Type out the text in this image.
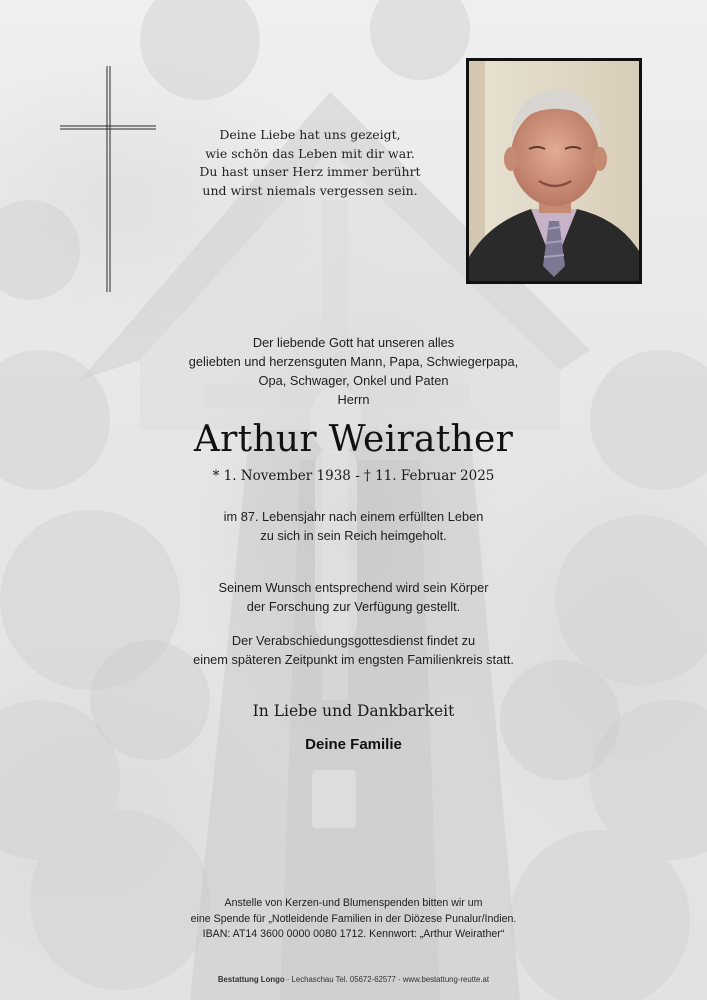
Deine Liebe hat uns gezeigt,
wie schön das Leben mit dir war.
Du hast unser Herz immer berührt
und wirst niemals vergessen sein.
Der liebende Gott hat unseren alles
geliebten und herzensguten Mann, Papa, Schwiegerpapa,
Opa, Schwager, Onkel und Paten
Herrn
Arthur Weirather
* 1. November 1938 - † 11. Februar 2025
im 87. Lebensjahr nach einem erfüllten Leben
zu sich in sein Reich heimgeholt.
Seinem Wunsch entsprechend wird sein Körper
der Forschung zur Verfügung gestellt.
Der Verabschiedungsgottesdienst findet zu
einem späteren Zeitpunkt im engsten Familienkreis statt.
In Liebe und Dankbarkeit
Deine Familie
Anstelle von Kerzen-und Blumenspenden bitten wir um
eine Spende für „Notleidende Familien in der Diözese Punalur/Indien.
IBAN: AT14 3600 0000 0080 1712. Kennwort: „Arthur Weirather“
Bestattung Longo · Lechaschau Tel. 05672-62577 · www.bestattung-reutte.at
